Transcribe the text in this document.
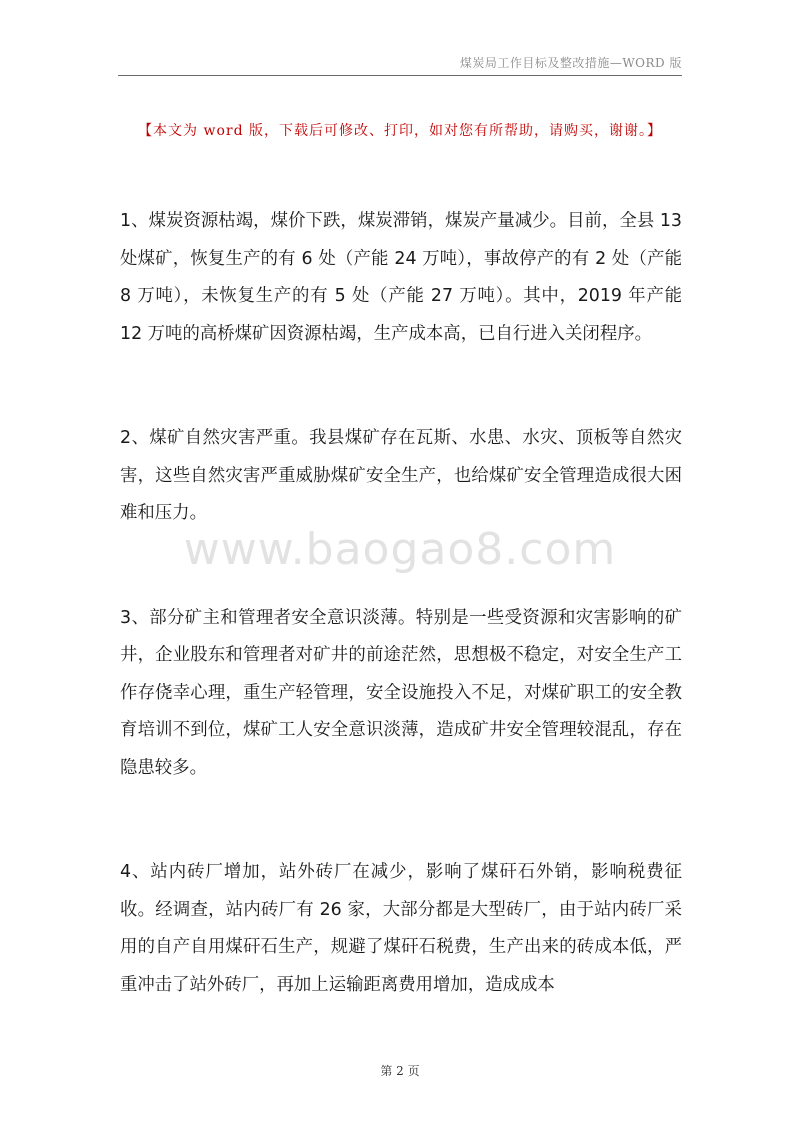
煤炭局工作目标及整改措施—WORD 版
【本文为 word 版，下载后可修改、打印，如对您有所帮助，请购买，谢谢。】

1、煤炭资源枯竭，煤价下跌，煤炭滞销，煤炭产量减少。目前，全县 13 处煤矿，恢复生产的有 6 处（产能 24 万吨），事故停产的有 2 处（产能 8 万吨），未恢复生产的有 5 处（产能 27 万吨）。其中，2019 年产能 12 万吨的高桥煤矿因资源枯竭，生产成本高，已自行进入关闭程序。

2、煤矿自然灾害严重。我县煤矿存在瓦斯、水患、水灾、顶板等自然灾害，这些自然灾害严重威胁煤矿安全生产，也给煤矿安全管理造成很大困难和压力。

3、部分矿主和管理者安全意识淡薄。特别是一些受资源和灾害影响的矿井，企业股东和管理者对矿井的前途茫然，思想极不稳定，对安全生产工作存侥幸心理，重生产轻管理，安全设施投入不足，对煤矿职工的安全教育培训不到位，煤矿工人安全意识淡薄，造成矿井安全管理较混乱，存在隐患较多。

4、站内砖厂增加，站外砖厂在减少，影响了煤矸石外销，影响税费征收。经调查，站内砖厂有 26 家，大部分都是大型砖厂，由于站内砖厂采用的自产自用煤矸石生产，规避了煤矸石税费，生产出来的砖成本低，严重冲击了站外砖厂，再加上运输距离费用增加，造成成本

www.baogao8.com
第 2 页
